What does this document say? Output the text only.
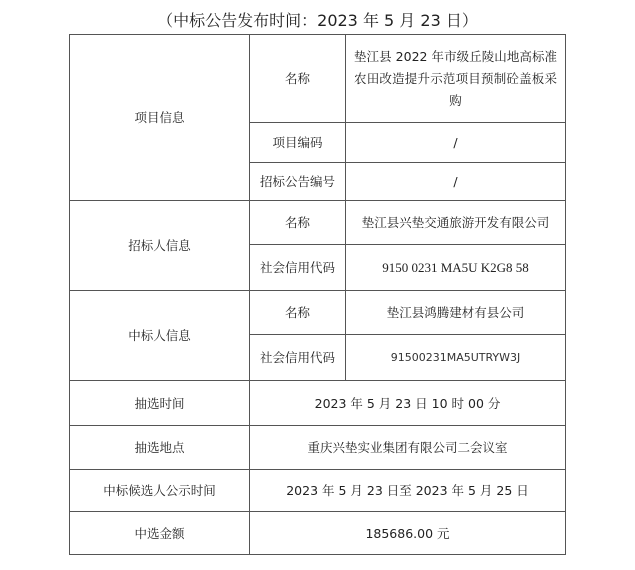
（中标公告发布时间：2023 年 5 月 23 日）
项目信息	名称	垫江县 2022 年市级丘陵山地高标准农田改造提升示范项目预制砼盖板采购
	项目编码	/
	招标公告编号	/
招标人信息	名称	垫江县兴垫交通旅游开发有限公司
	社会信用代码	9150 0231 MA5U K2G8 58
中标人信息	名称	垫江县鸿腾建材有县公司
	社会信用代码	91500231MA5UTRYW3J
抽选时间	2023 年 5 月 23 日 10 时 00 分	
抽选地点	重庆兴垫实业集团有限公司二会议室	
中标候选人公示时间	2023 年 5 月 23 日至 2023 年 5 月 25 日	
中选金额	185686.00 元	
